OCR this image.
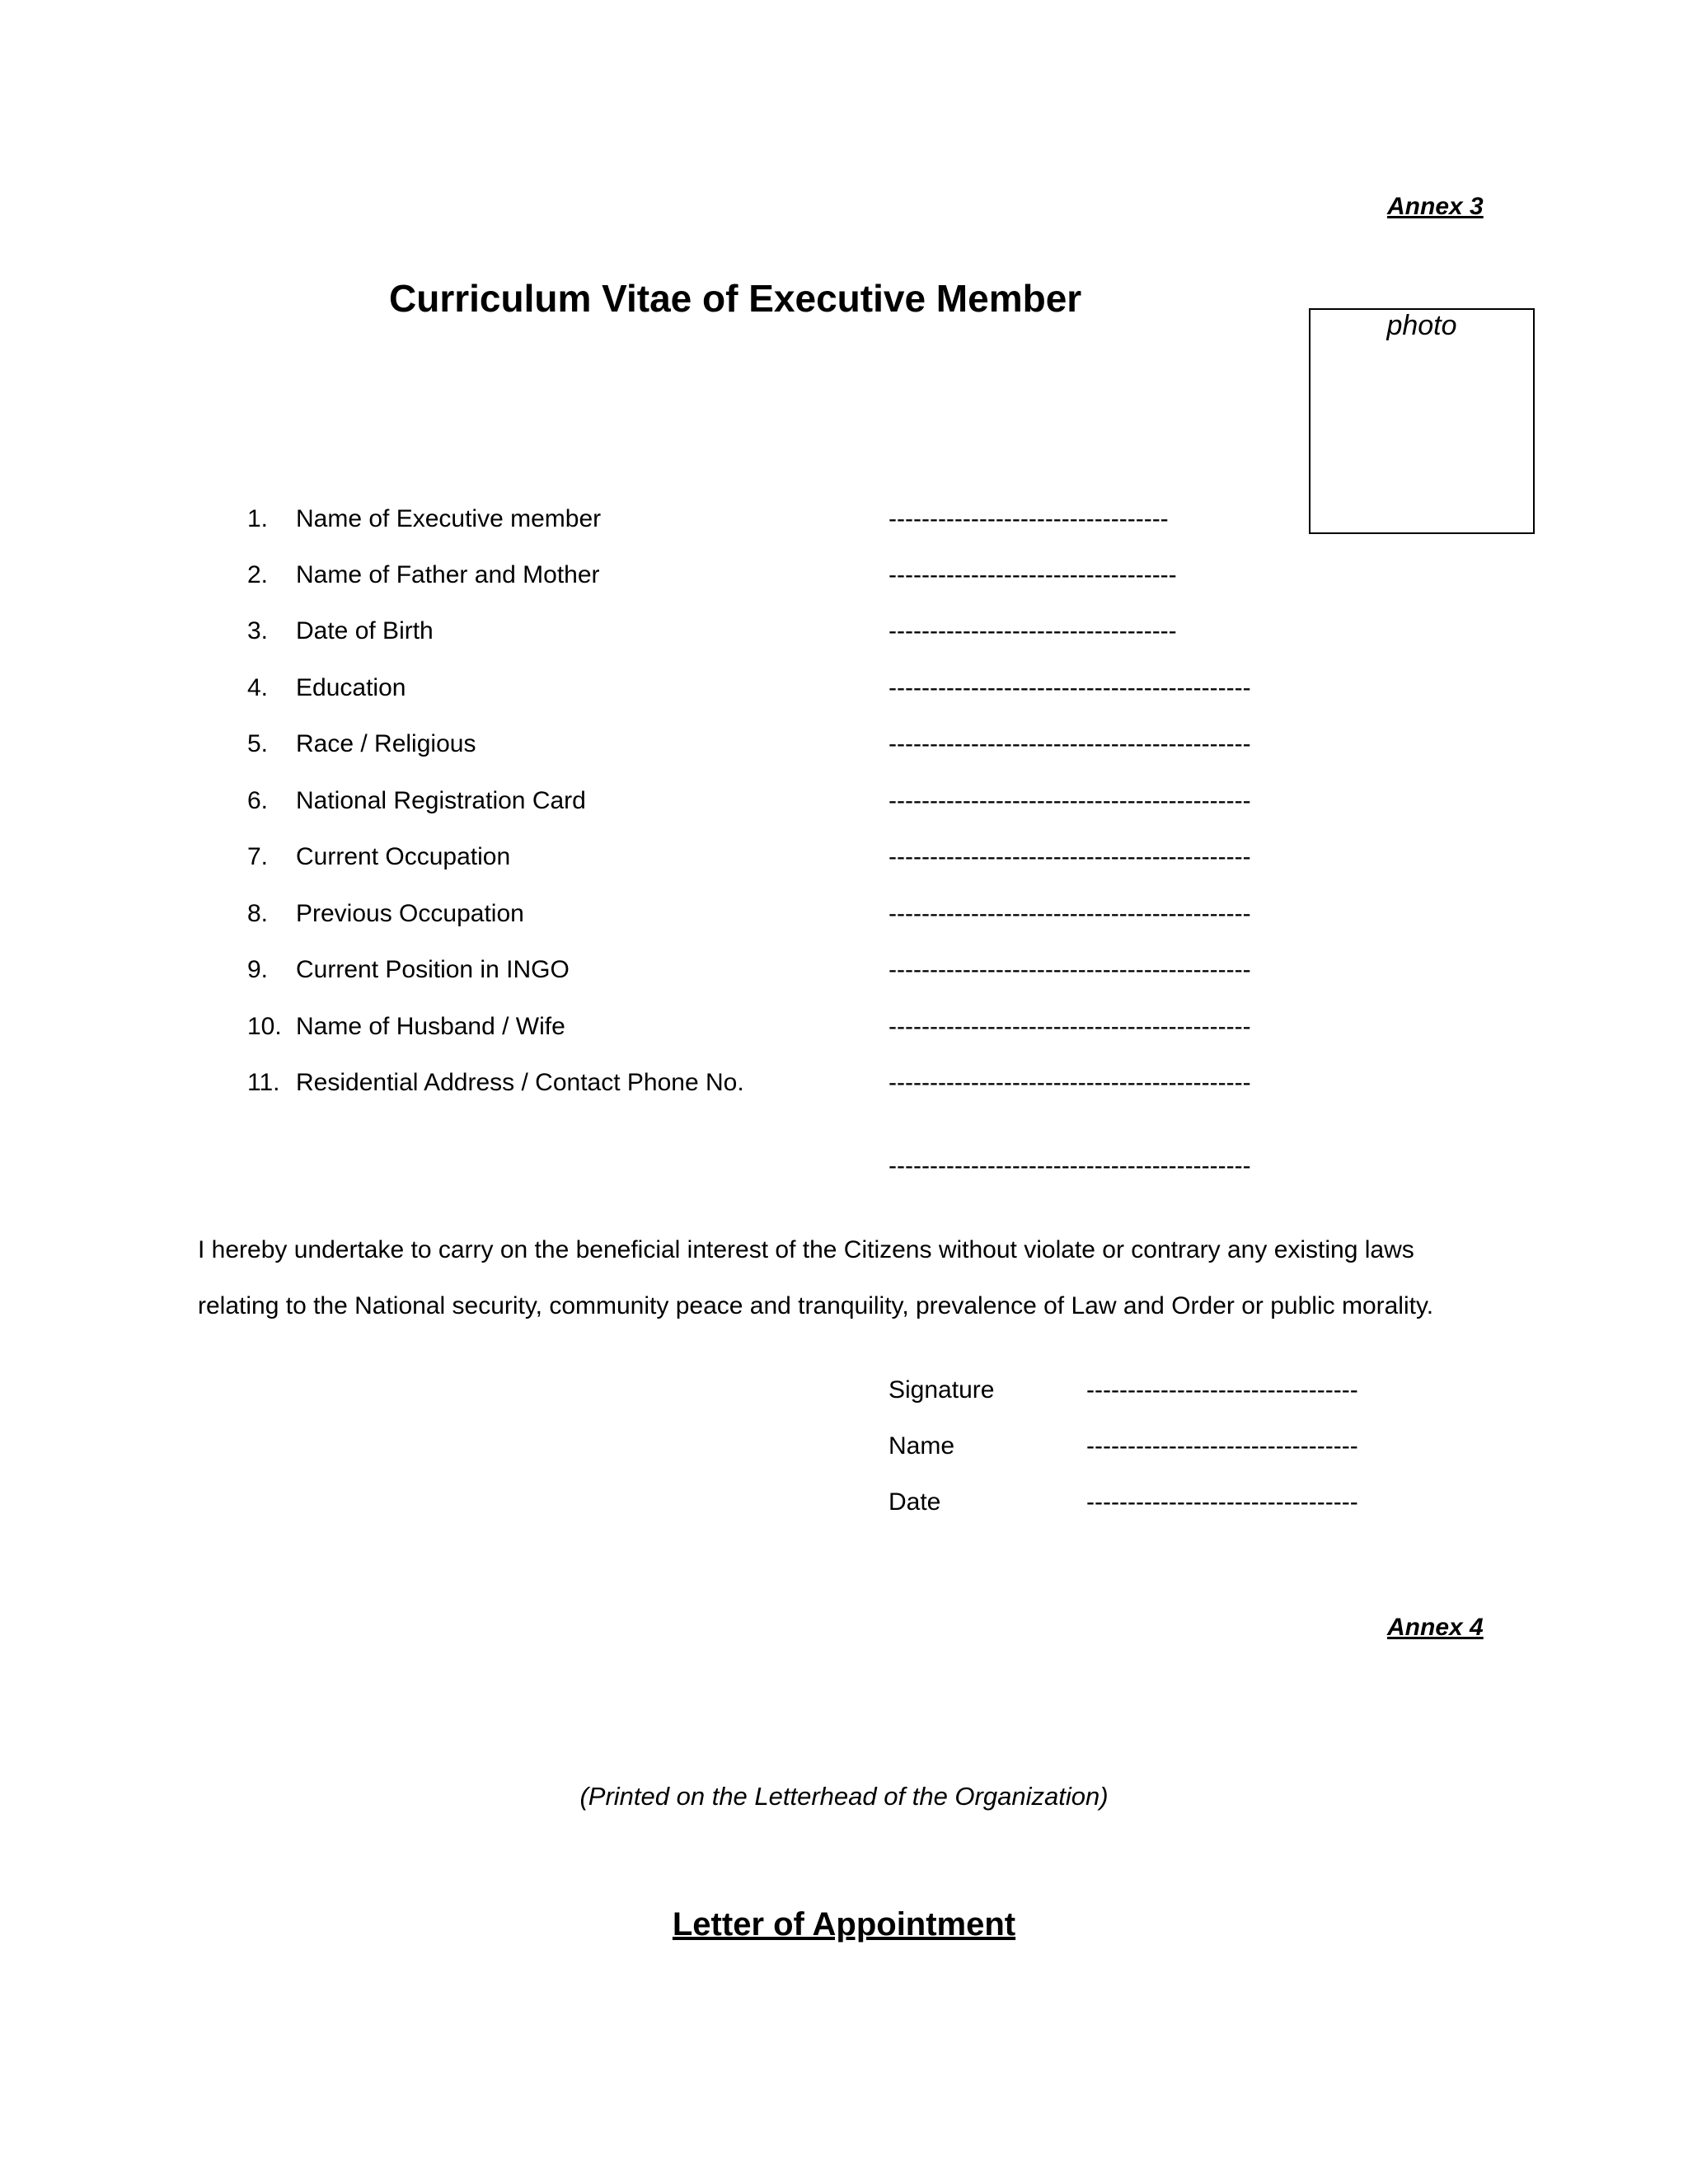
Annex 3
Curriculum Vitae of Executive Member
photo
1. Name of Executive member	----------------------------------
2. Name of Father and Mother	-----------------------------------
3. Date of Birth	-----------------------------------
4. Education	--------------------------------------------
5. Race / Religious	--------------------------------------------
6. National Registration Card	--------------------------------------------
7. Current Occupation	--------------------------------------------
8. Previous Occupation	--------------------------------------------
9. Current Position in INGO	--------------------------------------------
10. Name of Husband / Wife	--------------------------------------------
11. Residential Address / Contact Phone No.	--------------------------------------------
--------------------------------------------
I hereby undertake to carry on the beneficial interest of the Citizens without violate or contrary any existing laws
relating to the National security, community peace and tranquility, prevalence of Law and Order or public morality.
Signature	---------------------------------
Name	---------------------------------
Date	---------------------------------
Annex 4
(Printed on the Letterhead of the Organization)
Letter of Appointment
